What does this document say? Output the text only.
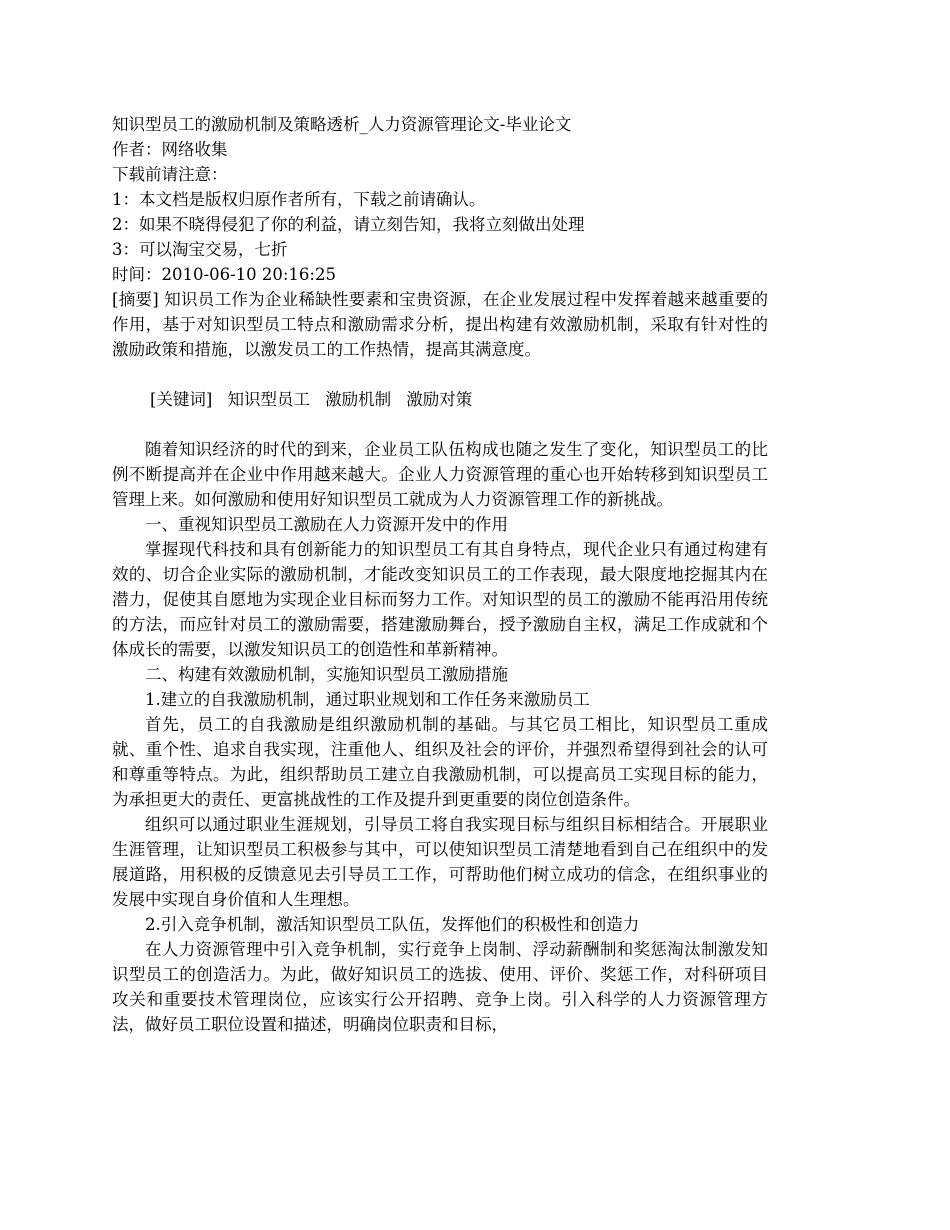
知识型员工的激励机制及策略透析_人力资源管理论文-毕业论文

作者：网络收集

下载前请注意：

1：本文档是版权归原作者所有，下载之前请确认。

2：如果不晓得侵犯了你的利益，请立刻告知，我将立刻做出处理

3：可以淘宝交易，七折

时间：2010-06-10 20:16:25

[摘要] 知识员工作为企业稀缺性要素和宝贵资源，在企业发展过程中发挥着越来越重要的作用，基于对知识型员工特点和激励需求分析，提出构建有效激励机制，采取有针对性的激励政策和措施，以激发员工的工作热情，提高其满意度。

[关键词] 知识型员工 激励机制 激励对策

随着知识经济的时代的到来，企业员工队伍构成也随之发生了变化，知识型员工的比例不断提高并在企业中作用越来越大。企业人力资源管理的重心也开始转移到知识型员工管理上来。如何激励和使用好知识型员工就成为人力资源管理工作的新挑战。

一、重视知识型员工激励在人力资源开发中的作用

掌握现代科技和具有创新能力的知识型员工有其自身特点，现代企业只有通过构建有效的、切合企业实际的激励机制，才能改变知识员工的工作表现，最大限度地挖掘其内在潜力，促使其自愿地为实现企业目标而努力工作。对知识型的员工的激励不能再沿用传统的方法，而应针对员工的激励需要，搭建激励舞台，授予激励自主权，满足工作成就和个体成长的需要，以激发知识员工的创造性和革新精神。

二、构建有效激励机制，实施知识型员工激励措施

1.建立的自我激励机制，通过职业规划和工作任务来激励员工

首先，员工的自我激励是组织激励机制的基础。与其它员工相比，知识型员工重成就、重个性、追求自我实现，注重他人、组织及社会的评价，并强烈希望得到社会的认可和尊重等特点。为此，组织帮助员工建立自我激励机制，可以提高员工实现目标的能力，为承担更大的责任、更富挑战性的工作及提升到更重要的岗位创造条件。

组织可以通过职业生涯规划，引导员工将自我实现目标与组织目标相结合。开展职业生涯管理，让知识型员工积极参与其中，可以使知识型员工清楚地看到自己在组织中的发展道路，用积极的反馈意见去引导员工工作，可帮助他们树立成功的信念，在组织事业的发展中实现自身价值和人生理想。

2.引入竞争机制，激活知识型员工队伍，发挥他们的积极性和创造力

在人力资源管理中引入竞争机制，实行竞争上岗制、浮动薪酬制和奖惩淘汰制激发知识型员工的创造活力。为此，做好知识员工的选拔、使用、评价、奖惩工作，对科研项目攻关和重要技术管理岗位，应该实行公开招聘、竞争上岗。引入科学的人力资源管理方法，做好员工职位设置和描述，明确岗位职责和目标，
